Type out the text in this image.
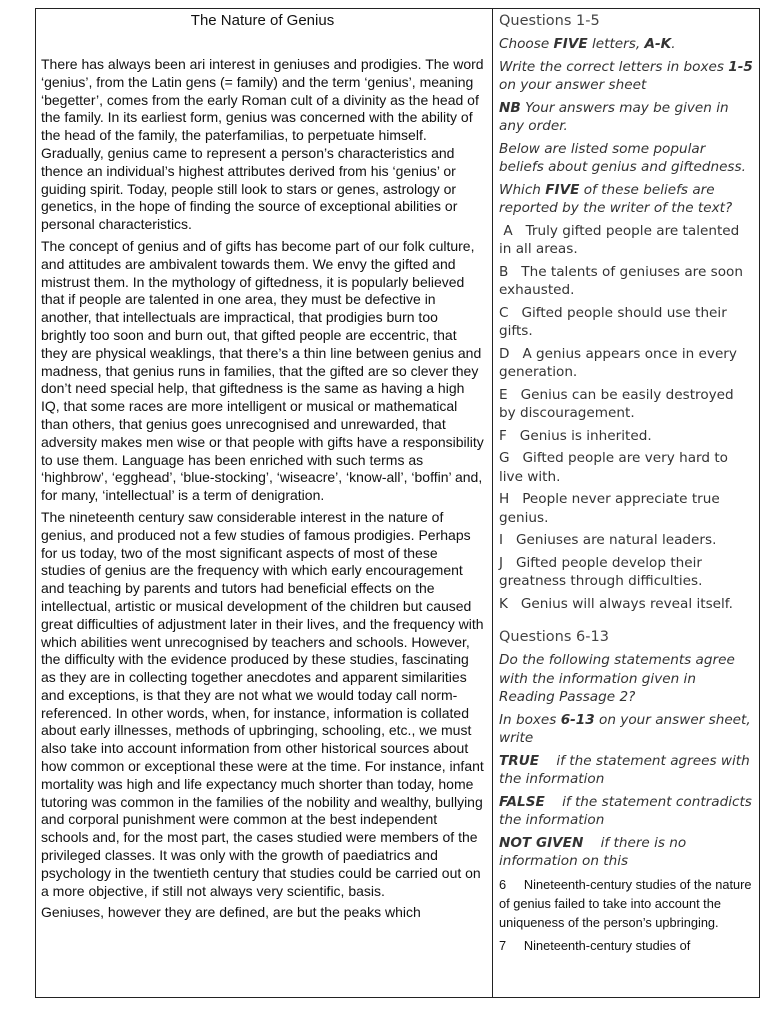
The Nature of Genius

There has always been ari interest in geniuses and prodigies. The word ‘genius’, from the Latin gens (= family) and the term ‘genius’, meaning ‘begetter’, comes from the early Roman cult of a divinity as the head of the family. In its earliest form, genius was concerned with the ability of the head of the family, the paterfamilias, to perpetuate himself. Gradually, genius came to represent a person’s characteristics and thence an individual’s highest attributes derived from his ‘genius’ or guiding spirit. Today, people still look to stars or genes, astrology or genetics, in the hope of finding the source of exceptional abilities or personal characteristics.

The concept of genius and of gifts has become part of our folk culture, and attitudes are ambivalent towards them. We envy the gifted and mistrust them. In the mythology of giftedness, it is popularly believed that if people are talented in one area, they must be defective in another, that intellectuals are impractical, that prodigies burn too brightly too soon and burn out, that gifted people are eccentric, that they are physical weaklings, that there’s a thin line between genius and madness, that genius runs in families, that the gifted are so clever they don’t need special help, that giftedness is the same as having a high IQ, that some races are more intelligent or musical or mathematical than others, that genius goes unrecognised and unrewarded, that adversity makes men wise or that people with gifts have a responsibility to use them. Language has been enriched with such terms as ‘highbrow’, ‘egghead’, ‘blue-stocking’, ‘wiseacre’, ‘know-all’, ‘boffin’ and, for many, ‘intellectual’ is a term of denigration.

The nineteenth century saw considerable interest in the nature of genius, and produced not a few studies of famous prodigies. Perhaps for us today, two of the most significant aspects of most of these studies of genius are the frequency with which early encouragement and teaching by parents and tutors had beneficial effects on the intellectual, artistic or musical development of the children but caused great difficulties of adjustment later in their lives, and the frequency with which abilities went unrecognised by teachers and schools. However, the difficulty with the evidence produced by these studies, fascinating as they are in collecting together anecdotes and apparent similarities and exceptions, is that they are not what we would today call norm-referenced. In other words, when, for instance, information is collated about early illnesses, methods of upbringing, schooling, etc., we must also take into account information from other historical sources about how common or exceptional these were at the time. For instance, infant mortality was high and life expectancy much shorter than today, home tutoring was common in the families of the nobility and wealthy, bullying and corporal punishment were common at the best independent schools and, for the most part, the cases studied were members of the privileged classes. It was only with the growth of paediatrics and psychology in the twentieth century that studies could be carried out on a more objective, if still not always very scientific, basis.

Geniuses, however they are defined, are but the peaks which

Questions 1-5
Choose FIVE letters, A-K.
Write the correct letters in boxes 1-5 on your answer sheet
NB Your answers may be given in any order.
Below are listed some popular beliefs about genius and giftedness.
Which FIVE of these beliefs are reported by the writer of the text?
A Truly gifted people are talented in all areas.
B The talents of geniuses are soon exhausted.
C Gifted people should use their gifts.
D A genius appears once in every generation.
E Genius can be easily destroyed by discouragement.
F Genius is inherited.
G Gifted people are very hard to live with.
H People never appreciate true genius.
I Geniuses are natural leaders.
J Gifted people develop their greatness through difficulties.
K Genius will always reveal itself.
Questions 6-13
Do the following statements agree with the information given in Reading Passage 2?
In boxes 6-13 on your answer sheet, write
TRUE if the statement agrees with the information
FALSE if the statement contradicts the information
NOT GIVEN if there is no information on this
6 Nineteenth-century studies of the nature of genius failed to take into account the uniqueness of the person’s upbringing.
7 Nineteenth-century studies of
